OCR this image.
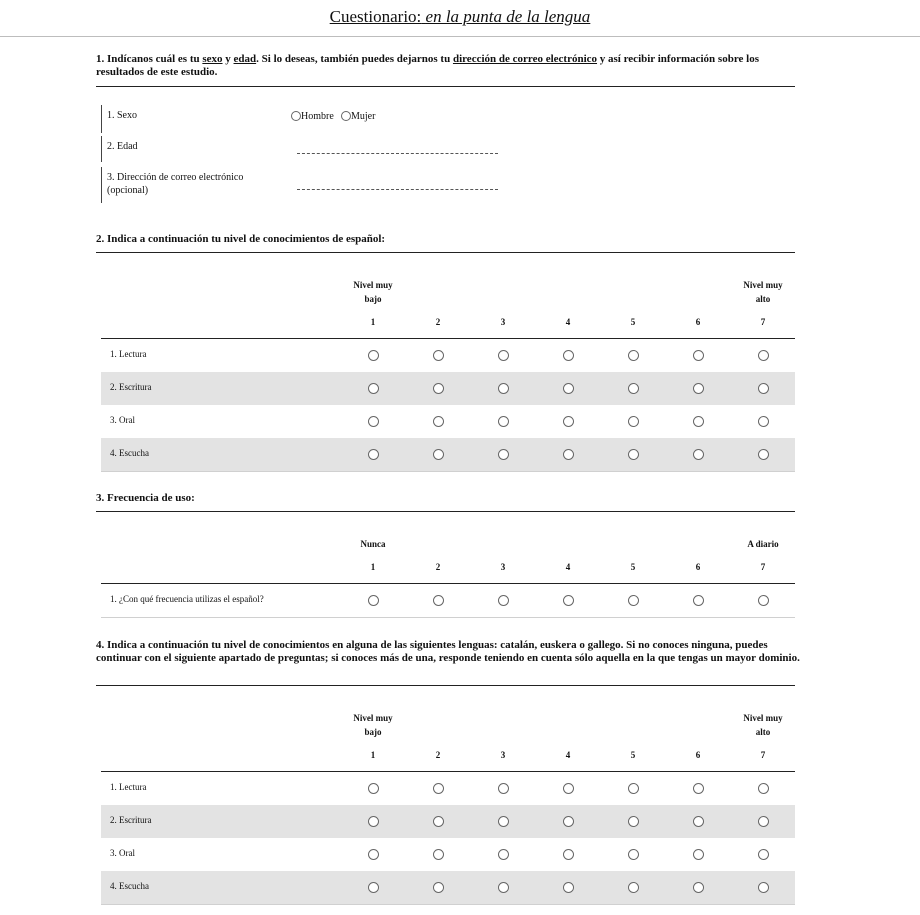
Cuestionario: en la punta de la lengua
1. Indícanos cuál es tu sexo y edad. Si lo deseas, también puedes dejarnos tu dirección de correo electrónico y así recibir información sobre los resultados de este estudio.
1. Sexo	Hombre	Mujer
2. Edad
3. Dirección de correo electrónico
(opcional)
2. Indica a continuación tu nivel de conocimientos de español:
Nivel muy
bajo
Nivel muy
alto
1	2	3	4	5	6	7
1. Lectura
2. Escritura
3. Oral
4. Escucha
3. Frecuencia de uso:
Nunca	A diario
1	2	3	4	5	6	7
1. ¿Con qué frecuencia utilizas el español?
4. Indica a continuación tu nivel de conocimientos en alguna de las siguientes lenguas: catalán, euskera o gallego. Si no conoces ninguna, puedes continuar con el siguiente apartado de preguntas; si conoces más de una, responde teniendo en cuenta sólo aquella en la que tengas un mayor dominio.
Nivel muy
bajo
Nivel muy
alto
1	2	3	4	5	6	7
1. Lectura
2. Escritura
3. Oral
4. Escucha
